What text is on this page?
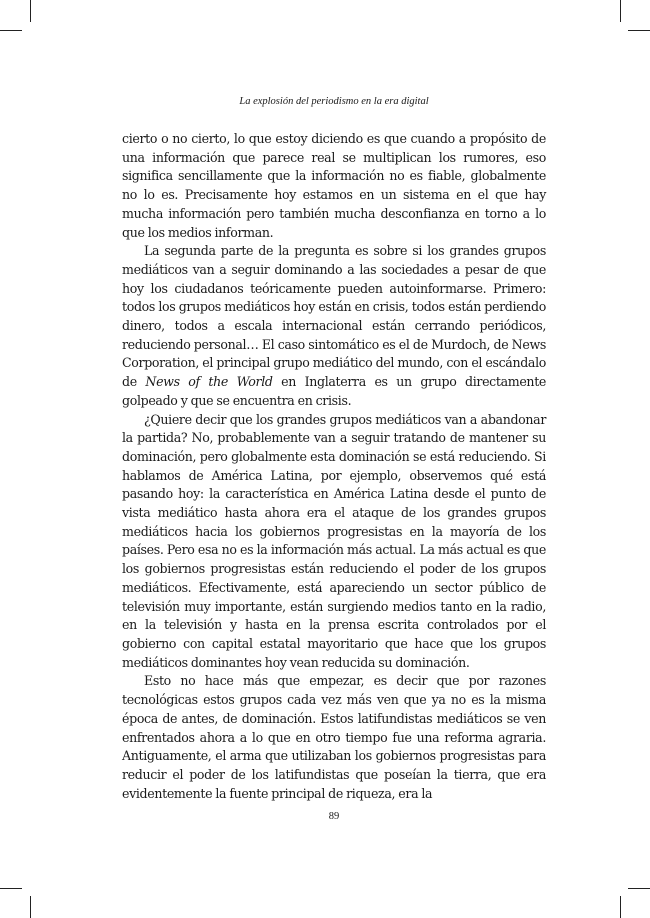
La explosión del periodismo en la era digital

cierto o no cierto, lo que estoy diciendo es que cuando a propósito de una información que parece real se multiplican los rumores, eso significa sencillamente que la información no es fiable, globalmente no lo es. Precisamente hoy estamos en un sistema en el que hay mucha información pero también mucha desconfianza en torno a lo que los medios informan.

La segunda parte de la pregunta es sobre si los grandes grupos mediáticos van a seguir dominando a las sociedades a pesar de que hoy los ciudadanos teóricamente pueden autoinformarse. Primero: todos los grupos mediáticos hoy están en crisis, todos están perdiendo dinero, todos a escala internacional están cerrando periódicos, reduciendo personal… El caso sintomático es el de Murdoch, de News Corporation, el principal grupo mediático del mundo, con el escándalo de News of the World en Inglaterra es un grupo directamente golpeado y que se encuentra en crisis.

¿Quiere decir que los grandes grupos mediáticos van a abandonar la partida? No, probablemente van a seguir tratando de mantener su dominación, pero globalmente esta dominación se está reduciendo. Si hablamos de América Latina, por ejemplo, observemos qué está pasando hoy: la característica en América Latina desde el punto de vista mediático hasta ahora era el ataque de los grandes grupos mediáticos hacia los gobiernos progresistas en la mayoría de los países. Pero esa no es la información más actual. La más actual es que los gobiernos progresistas están reduciendo el poder de los grupos mediáticos. Efectivamente, está apareciendo un sector público de televisión muy importante, están surgiendo medios tanto en la radio, en la televisión y hasta en la prensa escrita controlados por el gobierno con capital estatal mayoritario que hace que los grupos mediáticos dominantes hoy vean reducida su dominación.

Esto no hace más que empezar, es decir que por razones tecnológicas estos grupos cada vez más ven que ya no es la misma época de antes, de dominación. Estos latifundistas mediáticos se ven enfrentados ahora a lo que en otro tiempo fue una reforma agraria. Antiguamente, el arma que utilizaban los gobiernos progresistas para reducir el poder de los latifundistas que poseían la tierra, que era evidentemente la fuente principal de riqueza, era la

89
